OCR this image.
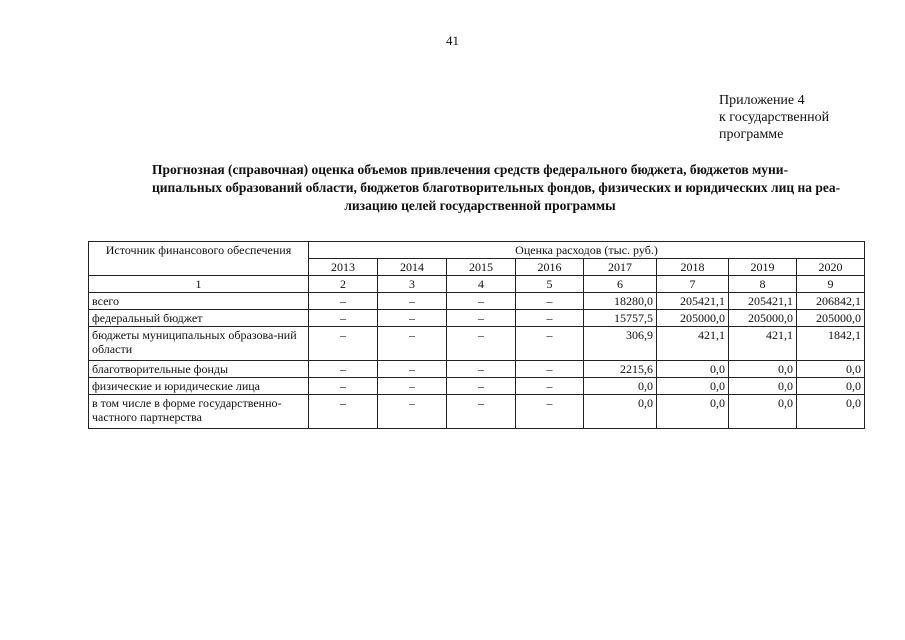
41
Приложение 4
к государственной
программе
Прогнозная (справочная) оценка объемов привлечения средств федерального бюджета, бюджетов муни-
ципальных образований области, бюджетов благотворительных фондов, физических и юридических лиц на реа-
лизацию целей государственной программы
Источник финансового обеспечения	Оценка расходов (тыс. руб.)							
	2013	2014	2015	2016	2017	2018	2019	2020
1	2	3	4	5	6	7	8	9
всего	–	–	–	–	18280,0	205421,1	205421,1	206842,1
федеральный бюджет	–	–	–	–	15757,5	205000,0	205000,0	205000,0
бюджеты муниципальных образова-ний области	–	–	–	–	306,9	421,1	421,1	1842,1
благотворительные фонды	–	–	–	–	2215,6	0,0	0,0	0,0
физические и юридические лица	–	–	–	–	0,0	0,0	0,0	0,0
в том числе в форме государственно-частного партнерства	–	–	–	–	0,0	0,0	0,0	0,0
